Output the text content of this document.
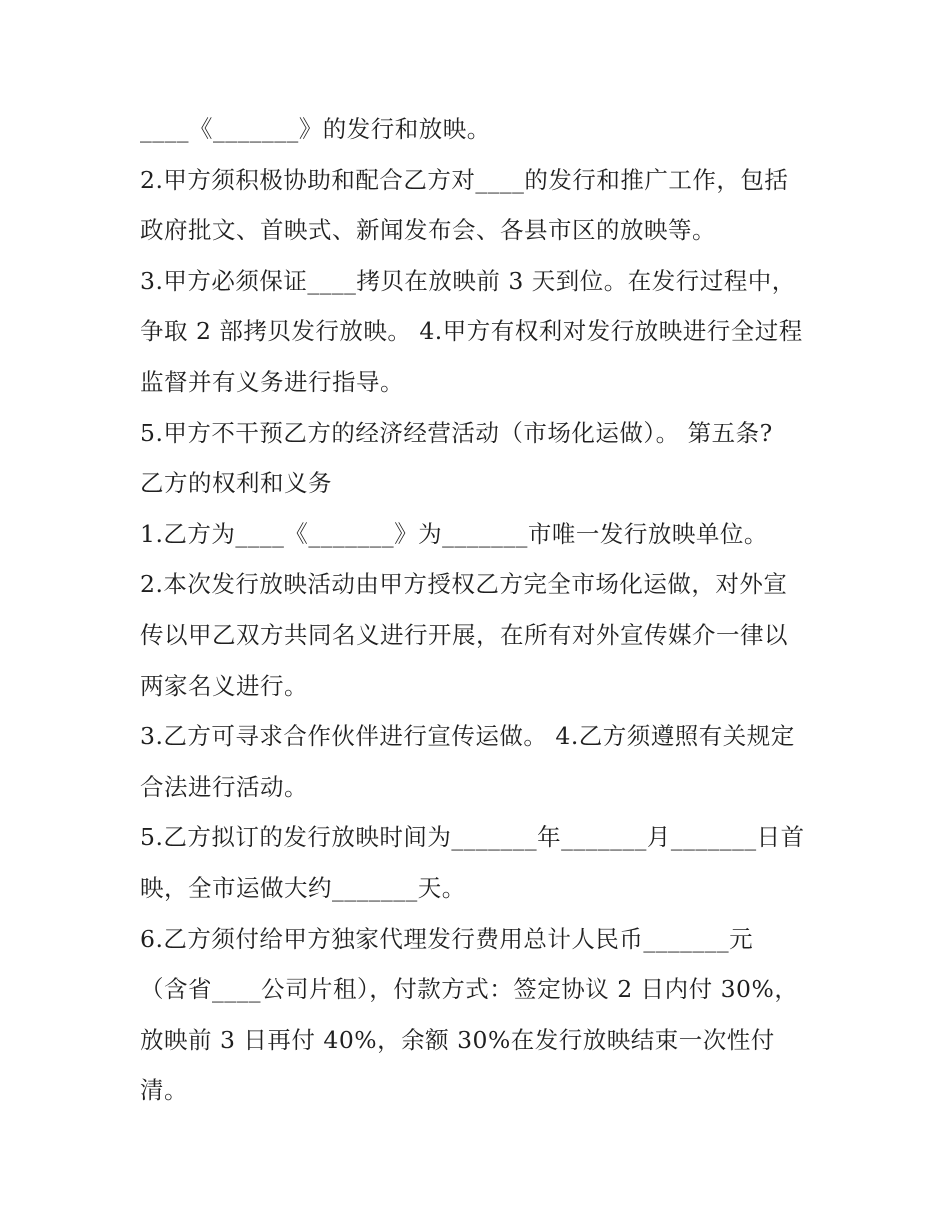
____《_______》的发行和放映。
2.甲方须积极协助和配合乙方对____的发行和推广工作，包括
政府批文、首映式、新闻发布会、各县市区的放映等。
3.甲方必须保证____拷贝在放映前 3 天到位。在发行过程中，
争取 2 部拷贝发行放映。 4.甲方有权利对发行放映进行全过程
监督并有义务进行指导。
5.甲方不干预乙方的经济经营活动（市场化运做）。 第五条?
乙方的权利和义务
1.乙方为____《_______》为_______市唯一发行放映单位。
2.本次发行放映活动由甲方授权乙方完全市场化运做，对外宣
传以甲乙双方共同名义进行开展，在所有对外宣传媒介一律以
两家名义进行。
3.乙方可寻求合作伙伴进行宣传运做。 4.乙方须遵照有关规定
合法进行活动。
5.乙方拟订的发行放映时间为_______年_______月_______日首
映，全市运做大约_______天。
6.乙方须付给甲方独家代理发行费用总计人民币_______元
（含省____公司片租），付款方式：签定协议 2 日内付 30%，
放映前 3 日再付 40%，余额 30%在发行放映结束一次性付
清。
